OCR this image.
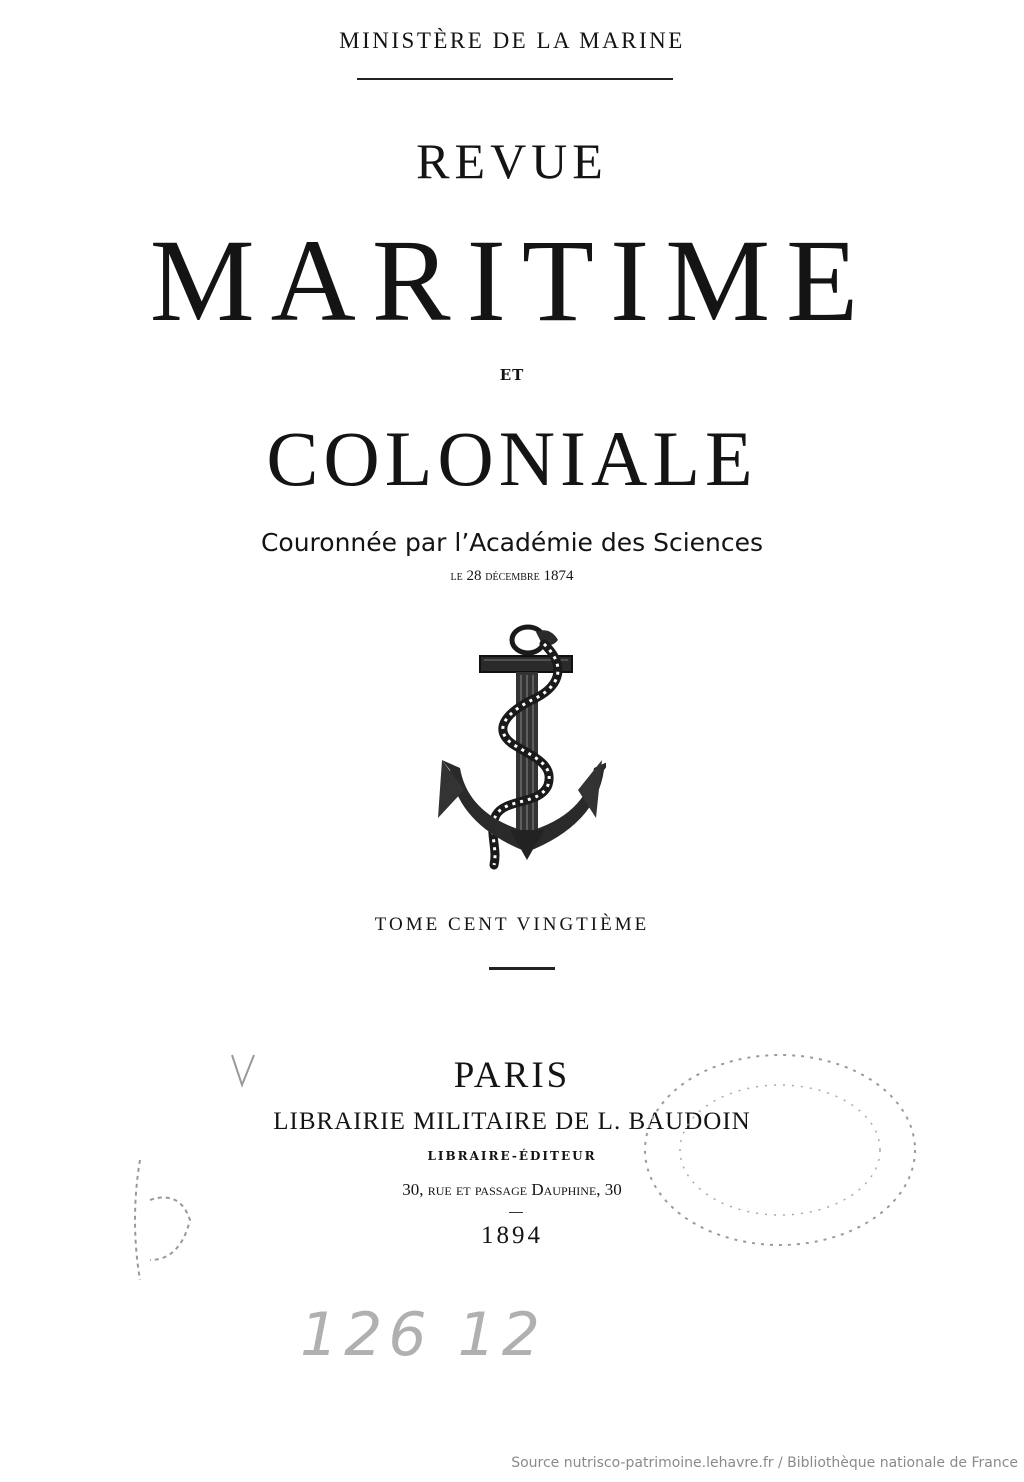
MINISTÈRE DE LA MARINE
REVUE
MARITIME
ET
COLONIALE
Couronnée par l’Académie des Sciences
le 28 décembre 1874
TOME CENT VINGTIÈME
PARIS
LIBRAIRIE MILITAIRE DE L. BAUDOIN
LIBRAIRE-ÉDITEUR
30, rue et passage Dauphine, 30
1894
126 12
Source nutrisco-patrimoine.lehavre.fr / Bibliothèque nationale de France
